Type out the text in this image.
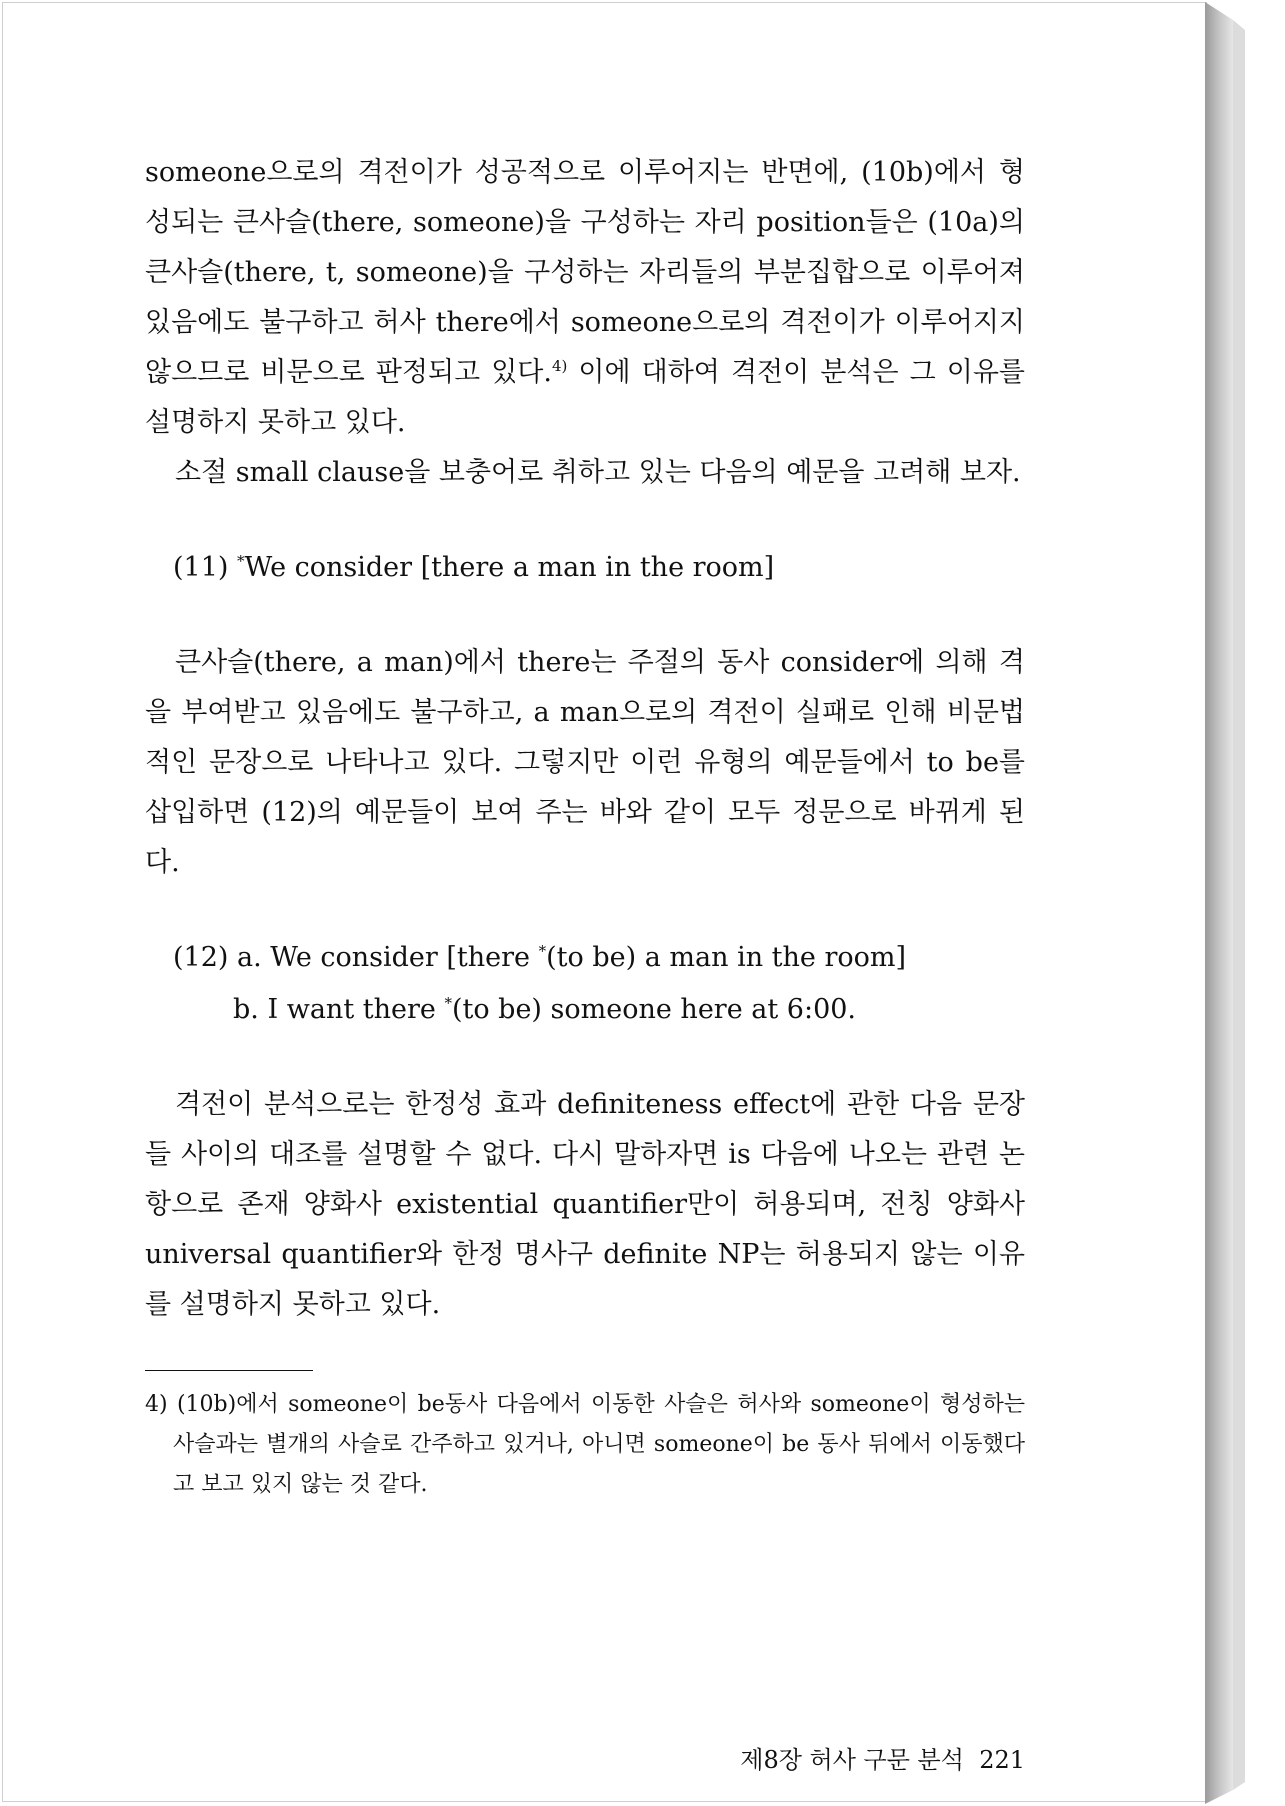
someone으로의 격전이가 성공적으로 이루어지는 반면에, (10b)에서 형성되는 큰사슬(there, someone)을 구성하는 자리 position들은 (10a)의 큰사슬(there, t, someone)을 구성하는 자리들의 부분집합으로 이루어져 있음에도 불구하고 허사 there에서 someone으로의 격전이가 이루어지지 않으므로 비문으로 판정되고 있다.$^{4)}$ 이에 대하여 격전이 분석은 그 이유를 설명하지 못하고 있다.

소절 small clause을 보충어로 취하고 있는 다음의 예문을 고려해 보자.

(11) *We consider [there a man in the room]

큰사슬(there, a man)에서 there는 주절의 동사 consider에 의해 격을 부여받고 있음에도 불구하고, a man으로의 격전이 실패로 인해 비문법적인 문장으로 나타나고 있다. 그렇지만 이런 유형의 예문들에서 to be를 삽입하면 (12)의 예문들이 보여 주는 바와 같이 모두 정문으로 바뀌게 된다.

(12) a. We consider [there *(to be) a man in the room]

b. I want there *(to be) someone here at 6:00.

격전이 분석으로는 한정성 효과 definiteness effect에 관한 다음 문장들 사이의 대조를 설명할 수 없다. 다시 말하자면 is 다음에 나오는 관련 논항으로 존재 양화사 existential quantifier만이 허용되며, 전칭 양화사 universal quantifier와 한정 명사구 definite NP는 허용되지 않는 이유를 설명하지 못하고 있다.

4) (10b)에서 someone이 be동사 다음에서 이동한 사슬은 허사와 someone이 형성하는 사슬과는 별개의 사슬로 간주하고 있거나, 아니면 someone이 be 동사 뒤에서 이동했다고 보고 있지 않는 것 같다.

제8장 허사 구문 분석 221
